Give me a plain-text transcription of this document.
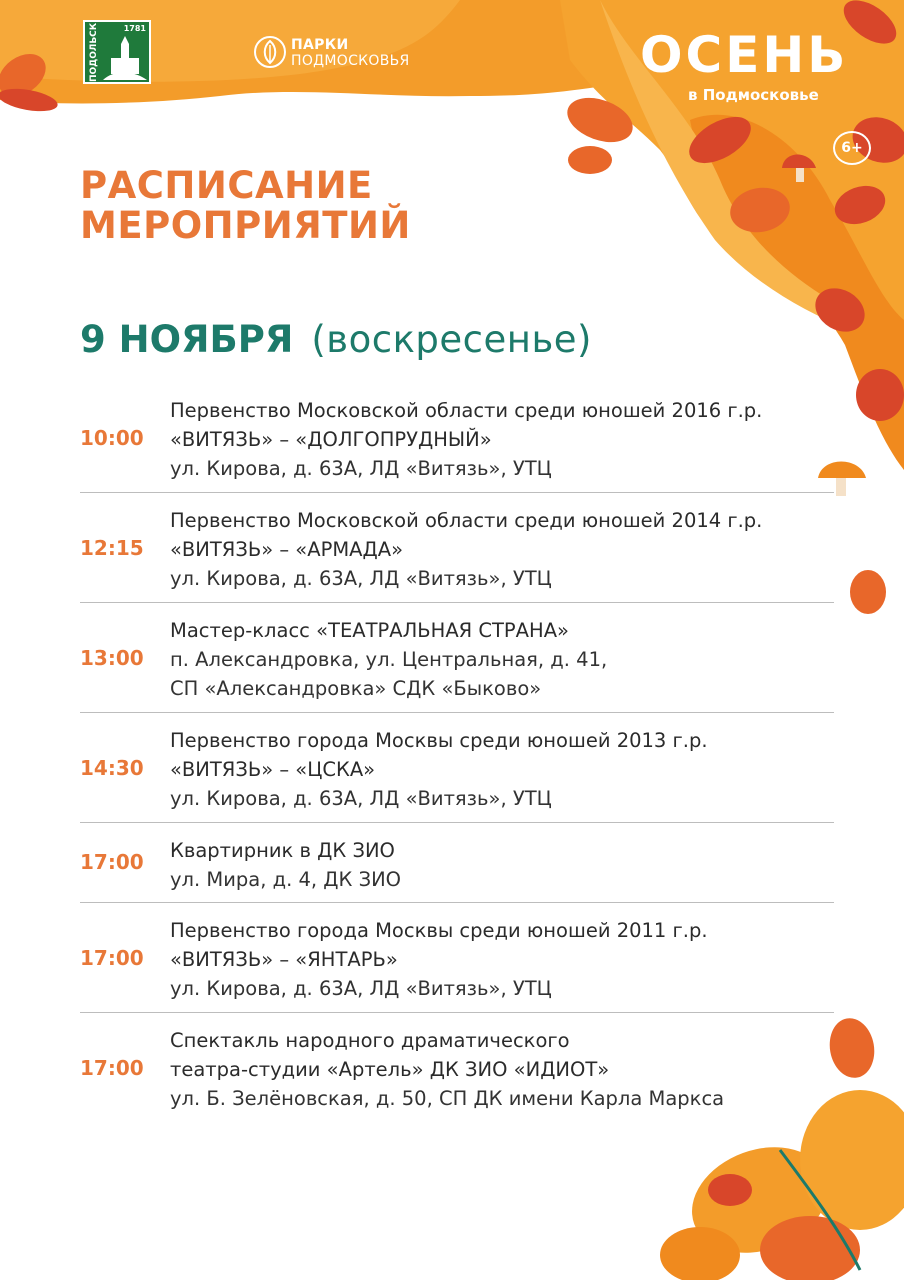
ПОДОЛЬСК	1781
ПАРКИ
ПОДМОСКОВЬЯ	ОСЕНЬ
в Подмосковье
6+
РАСПИСАНИЕ
МЕРОПРИЯТИЙ
9 НОЯБРЯ (воскресенье)
10:00
Первенство Московской области среди юношей 2016 г.р.
«ВИТЯЗЬ» – «ДОЛГОПРУДНЫЙ»
ул. Кирова, д. 63А, ЛД «Витязь», УТЦ
12:15
Первенство Московской области среди юношей 2014 г.р.
«ВИТЯЗЬ» – «АРМАДА»
ул. Кирова, д. 63А, ЛД «Витязь», УТЦ
13:00
Мастер-класс «ТЕАТРАЛЬНАЯ СТРАНА»
п. Александровка, ул. Центральная, д. 41,
СП «Александровка» СДК «Быково»
14:30
Первенство города Москвы среди юношей 2013 г.р.
«ВИТЯЗЬ» – «ЦСКА»
ул. Кирова, д. 63А, ЛД «Витязь», УТЦ
17:00	Квартирник в ДК ЗИО
ул. Мира, д. 4, ДК ЗИО
17:00
Первенство города Москвы среди юношей 2011 г.р.
«ВИТЯЗЬ» – «ЯНТАРЬ»
ул. Кирова, д. 63А, ЛД «Витязь», УТЦ
17:00
Спектакль народного драматического
театра-студии «Артель» ДК ЗИО «ИДИОТ»
ул. Б. Зелёновская, д. 50, СП ДК имени Карла Маркса
